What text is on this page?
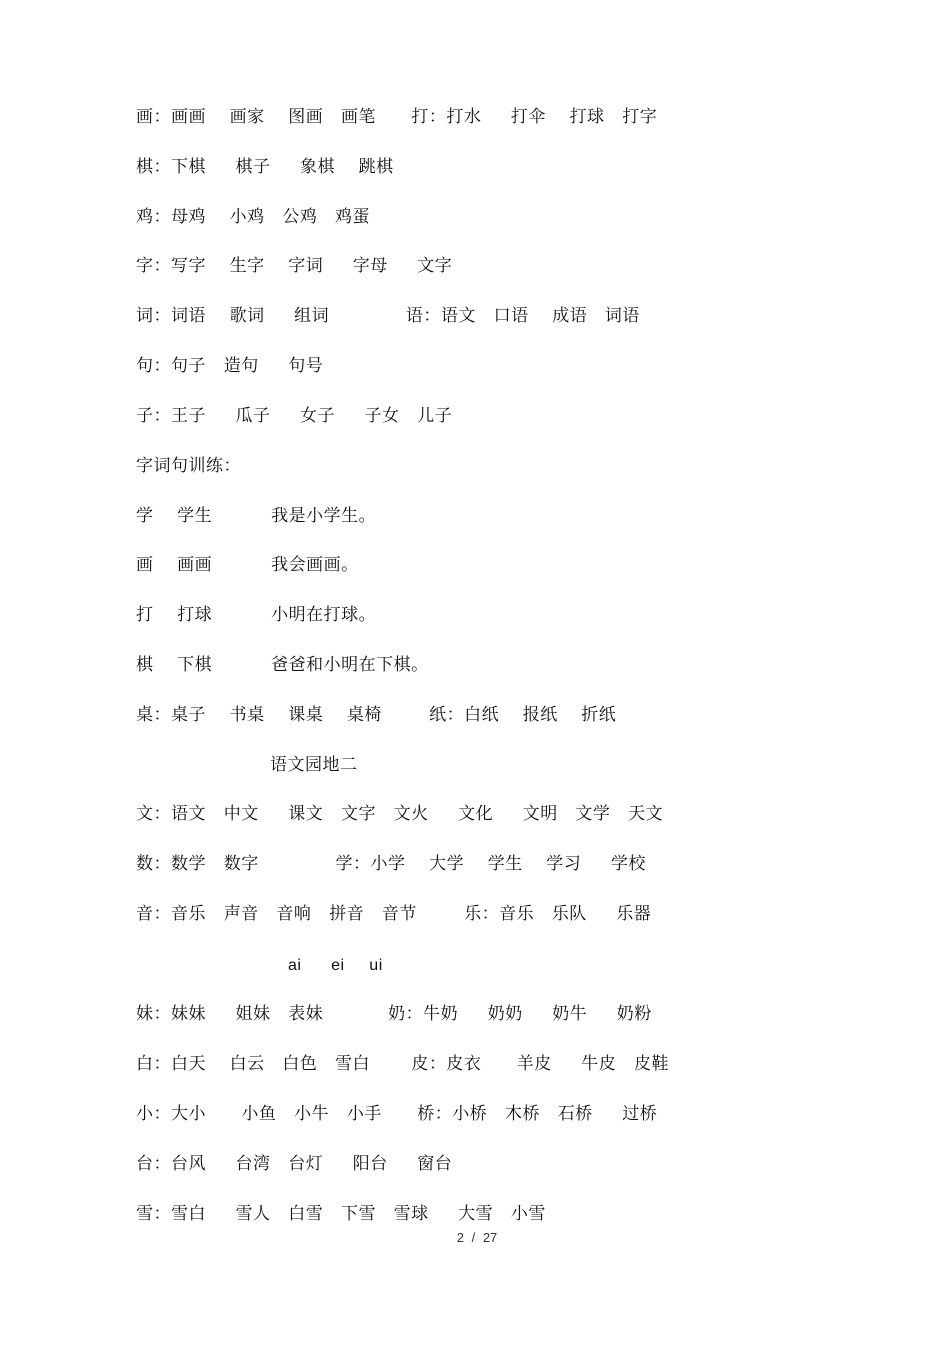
画：画画    画家    图画   画笔      打：打水     打伞    打球   打字
棋：下棋     棋子     象棋    跳棋
鸡：母鸡    小鸡   公鸡   鸡蛋
字：写字    生字    字词     字母     文字
词：词语    歌词     组词             语：语文   口语    成语   词语
句：句子   造句     句号
子：王子     瓜子     女子     子女   儿子
字词句训练：
学    学生          我是小学生。
画    画画          我会画画。
打    打球          小明在打球。
棋    下棋          爸爸和小明在下棋。
桌：桌子    书桌    课桌    桌椅        纸：白纸    报纸    折纸
语文园地二
文：语文   中文     课文   文字   文火     文化     文明   文学   天文
数：数学   数字             学：小学    大学    学生    学习     学校
音：音乐   声音   音响   拼音   音节        乐：音乐   乐队     乐器
ai      ei     ui
妹：妹妹     姐妹   表妹           奶：牛奶     奶奶     奶牛     奶粉
白：白天    白云   白色   雪白       皮：皮衣      羊皮     牛皮   皮鞋
小：大小      小鱼   小牛   小手      桥：小桥   木桥   石桥     过桥
台：台风     台湾   台灯     阳台     窗台
雪：雪白     雪人   白雪   下雪   雪球     大雪   小雪
2 / 27
